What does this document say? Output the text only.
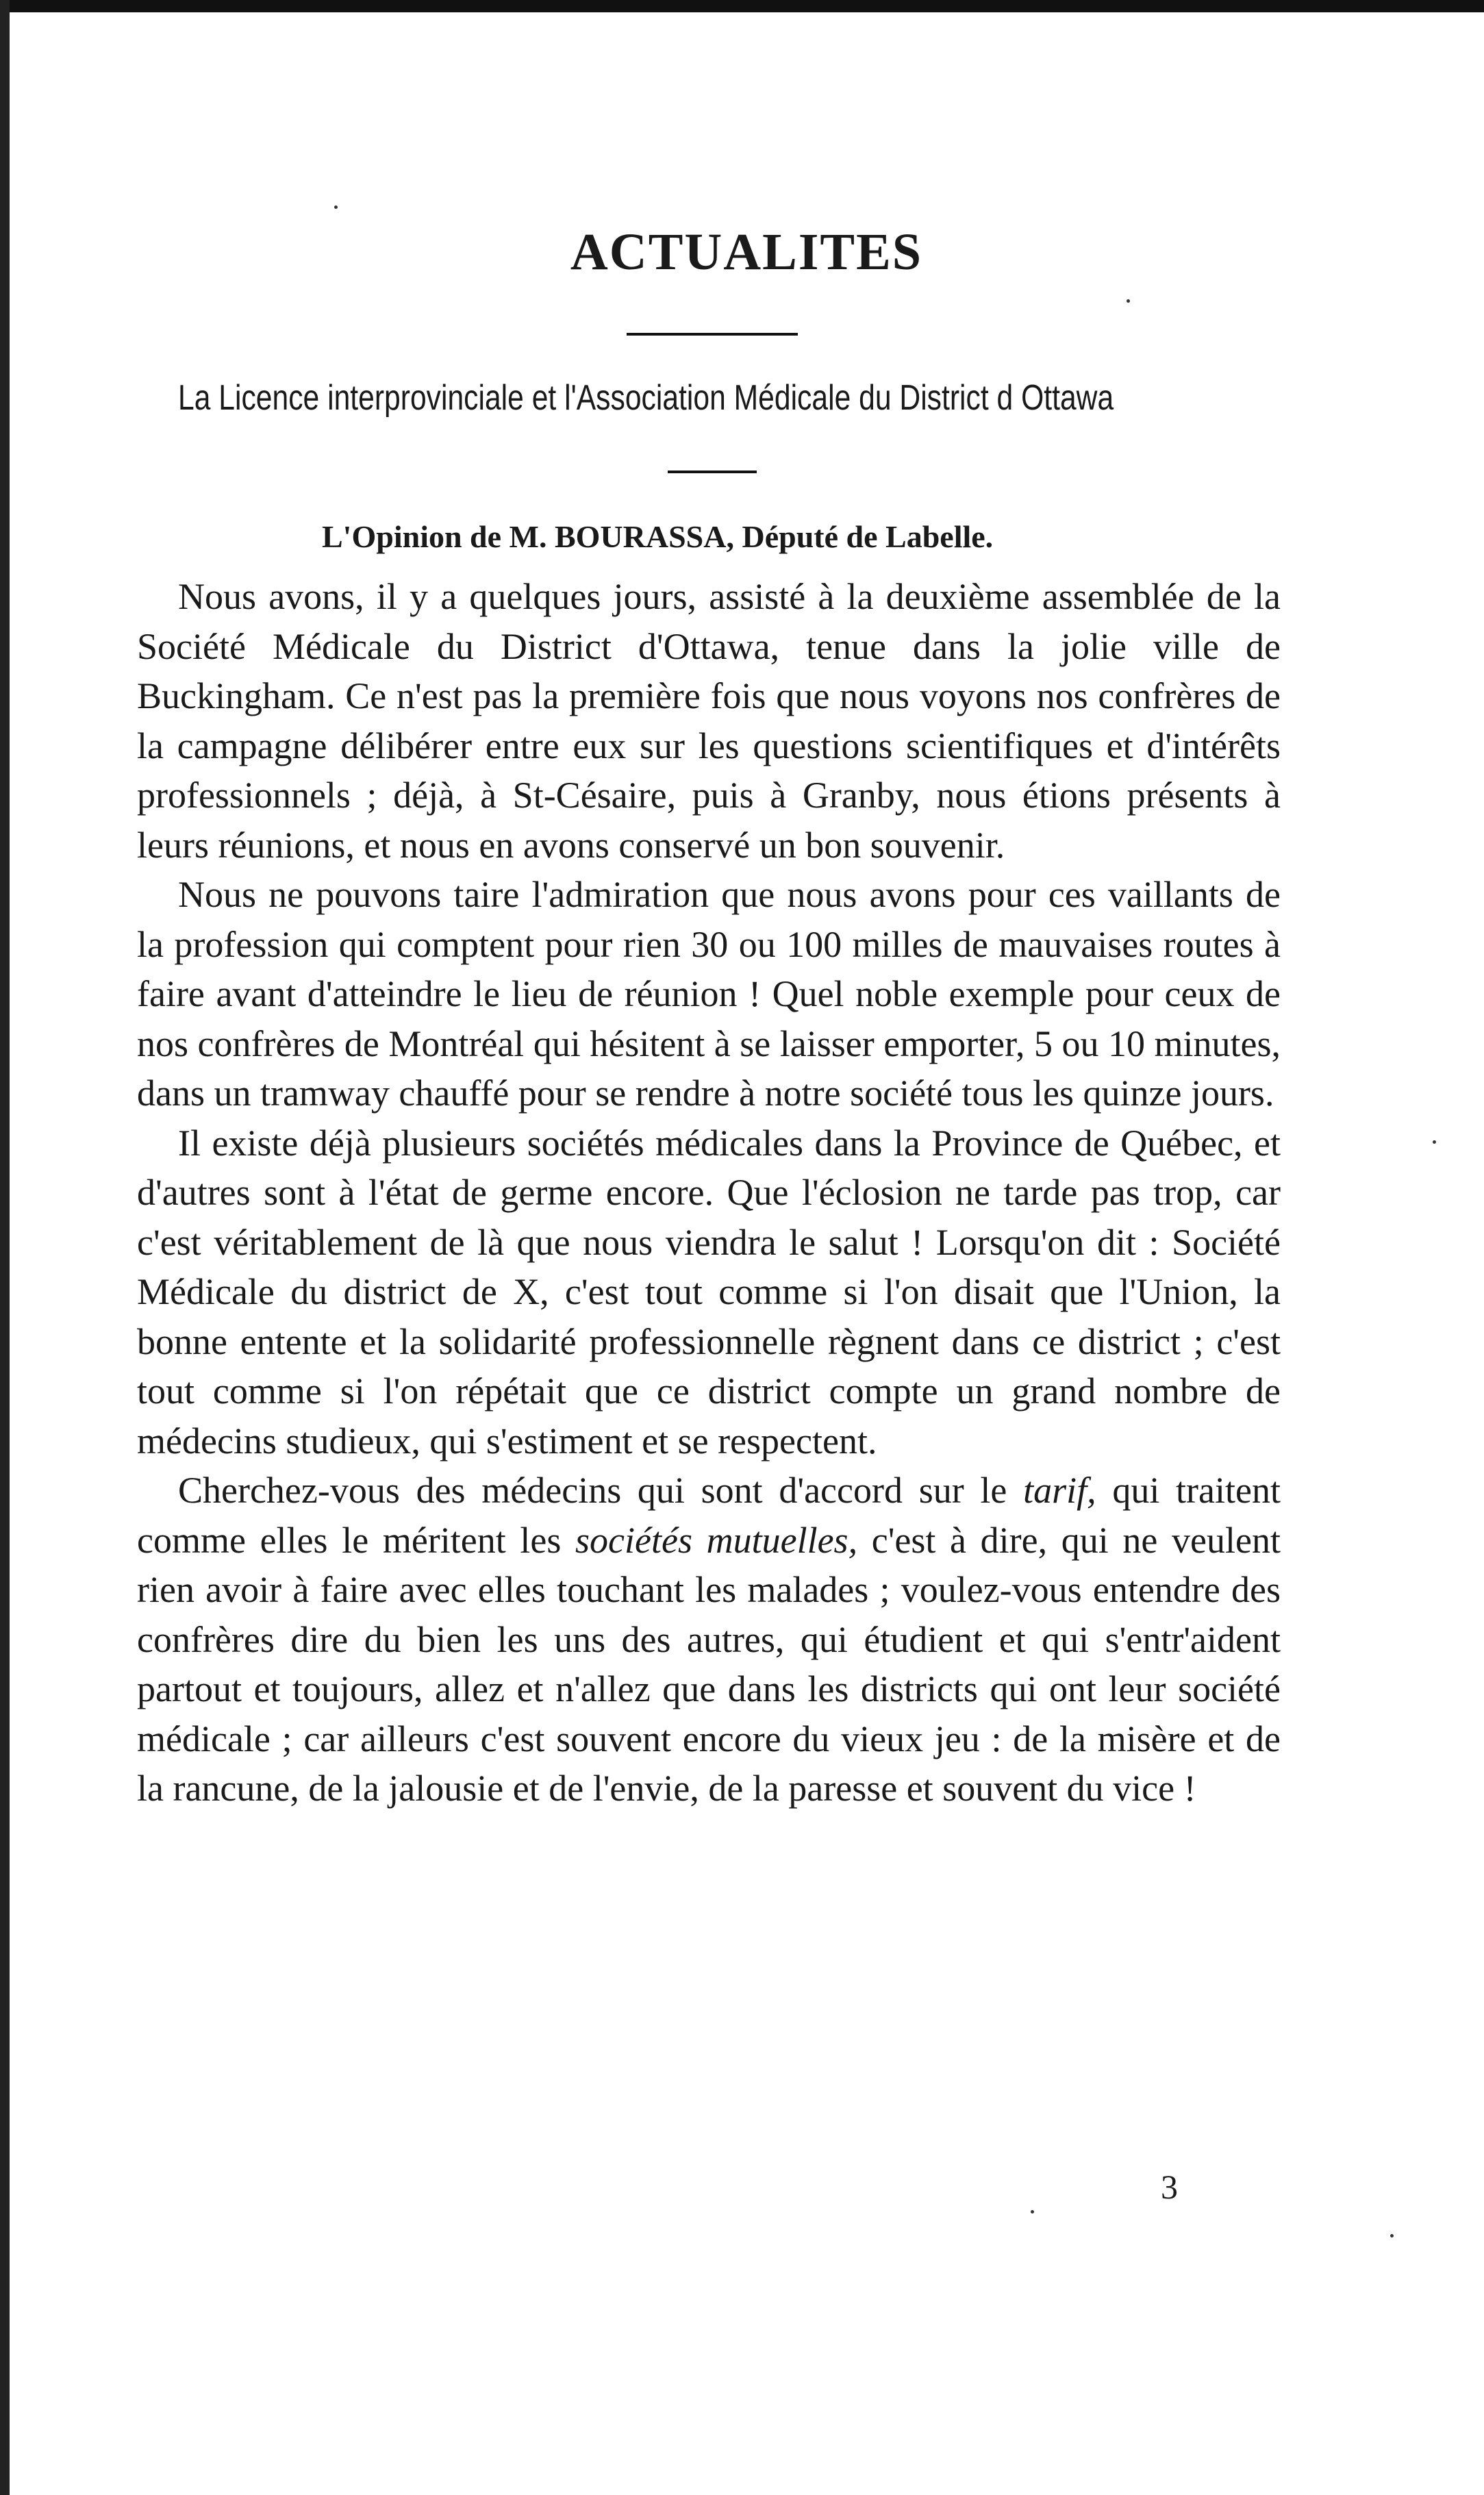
ACTUALITES
La Licence interprovinciale et l'Association Médicale du District d Ottawa
L'Opinion de M. BOURASSA, Député de Labelle.

Nous avons, il y a quelques jours, assisté à la deuxième assemblée de la Société Médicale du District d'Ottawa, tenue dans la jolie ville de Buckingham. Ce n'est pas la première fois que nous voyons nos confrères de la campagne délibérer entre eux sur les questions scientifiques et d'intérêts professionnels ; déjà, à St-Césaire, puis à Granby, nous étions présents à leurs réunions, et nous en avons conservé un bon souvenir.

Nous ne pouvons taire l'admiration que nous avons pour ces vaillants de la profession qui comptent pour rien 30 ou 100 milles de mauvaises routes à faire avant d'atteindre le lieu de réunion ! Quel noble exemple pour ceux de nos confrères de Montréal qui hésitent à se laisser emporter, 5 ou 10 minutes, dans un tramway chauffé pour se rendre à notre société tous les quinze jours.

Il existe déjà plusieurs sociétés médicales dans la Province de Québec, et d'autres sont à l'état de germe encore. Que l'éclosion ne tarde pas trop, car c'est véritablement de là que nous viendra le salut ! Lorsqu'on dit : Société Médicale du district de X, c'est tout comme si l'on disait que l'Union, la bonne entente et la solidarité professionnelle règnent dans ce district ; c'est tout comme si l'on répétait que ce district compte un grand nombre de médecins studieux, qui s'estiment et se respectent.

Cherchez-vous des médecins qui sont d'accord sur le tarif, qui traitent comme elles le méritent les sociétés mutuelles, c'est à dire, qui ne veulent rien avoir à faire avec elles touchant les malades ; voulez-vous entendre des confrères dire du bien les uns des autres, qui étudient et qui s'entr'aident partout et toujours, allez et n'allez que dans les districts qui ont leur société médicale ; car ailleurs c'est souvent encore du vieux jeu : de la misère et de la rancune, de la jalousie et de l'envie, de la paresse et souvent du vice !

3
